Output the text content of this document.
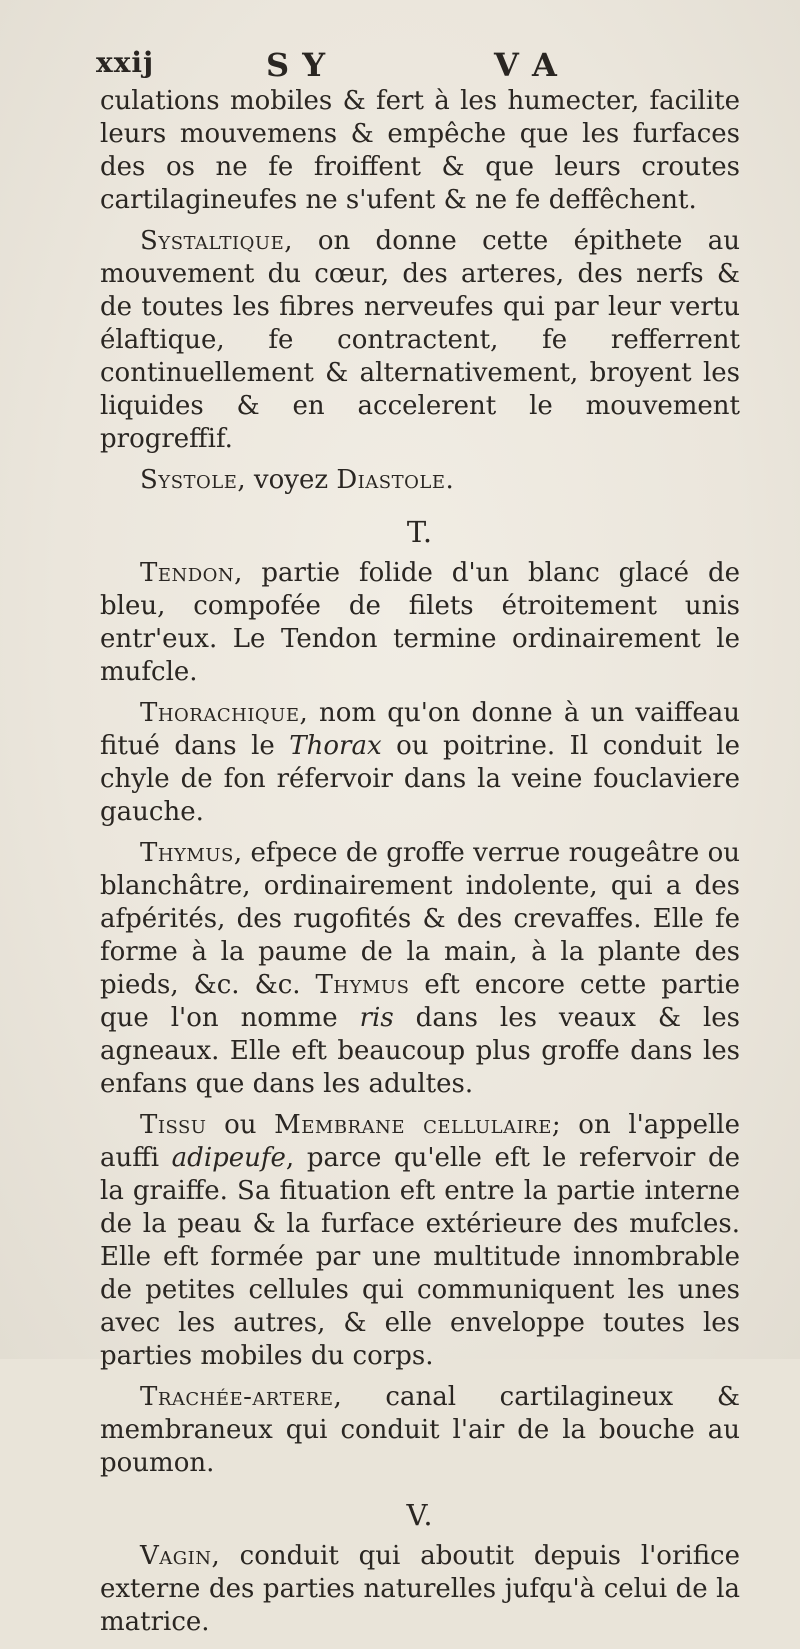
xxij	S Y	V A

culations mobiles & fert à les humecter, facilite leurs mouvemens & empêche que les furfaces des os ne fe froiffent & que leurs croutes cartilagineufes ne s'ufent & ne fe deffêchent.

Systaltique, on donne cette épithete au mouvement du cœur, des arteres, des nerfs & de toutes les fibres nerveufes qui par leur vertu élaftique, fe contractent, fe refferrent continuellement & alternativement, broyent les liquides & en accelerent le mouvement progreffif.

Systole, voyez Diastole.

T.

Tendon, partie folide d'un blanc glacé de bleu, compofée de filets étroitement unis entr'eux. Le Tendon termine ordinairement le mufcle.

Thorachique, nom qu'on donne à un vaiffeau fitué dans le Thorax ou poitrine. Il conduit le chyle de fon réfervoir dans la veine fouclaviere gauche.

Thymus, efpece de groffe verrue rougeâtre ou blanchâtre, ordinairement indolente, qui a des afpérités, des rugofités & des crevaffes. Elle fe forme à la paume de la main, à la plante des pieds, &c. &c. Thymus eft encore cette partie que l'on nomme ris dans les veaux & les agneaux. Elle eft beaucoup plus groffe dans les enfans que dans les adultes.

Tissu ou Membrane cellulaire; on l'appelle auffi adipeufe, parce qu'elle eft le refervoir de la graiffe. Sa fituation eft entre la partie interne de la peau & la furface extérieure des mufcles. Elle eft formée par une multitude innombrable de petites cellules qui communiquent les unes avec les autres, & elle enveloppe toutes les parties mobiles du corps.

Trachée-artere, canal cartilagineux & membraneux qui conduit l'air de la bouche au poumon.

V.

Vagin, conduit qui aboutit depuis l'orifice externe des parties naturelles jufqu'à celui de la matrice.
